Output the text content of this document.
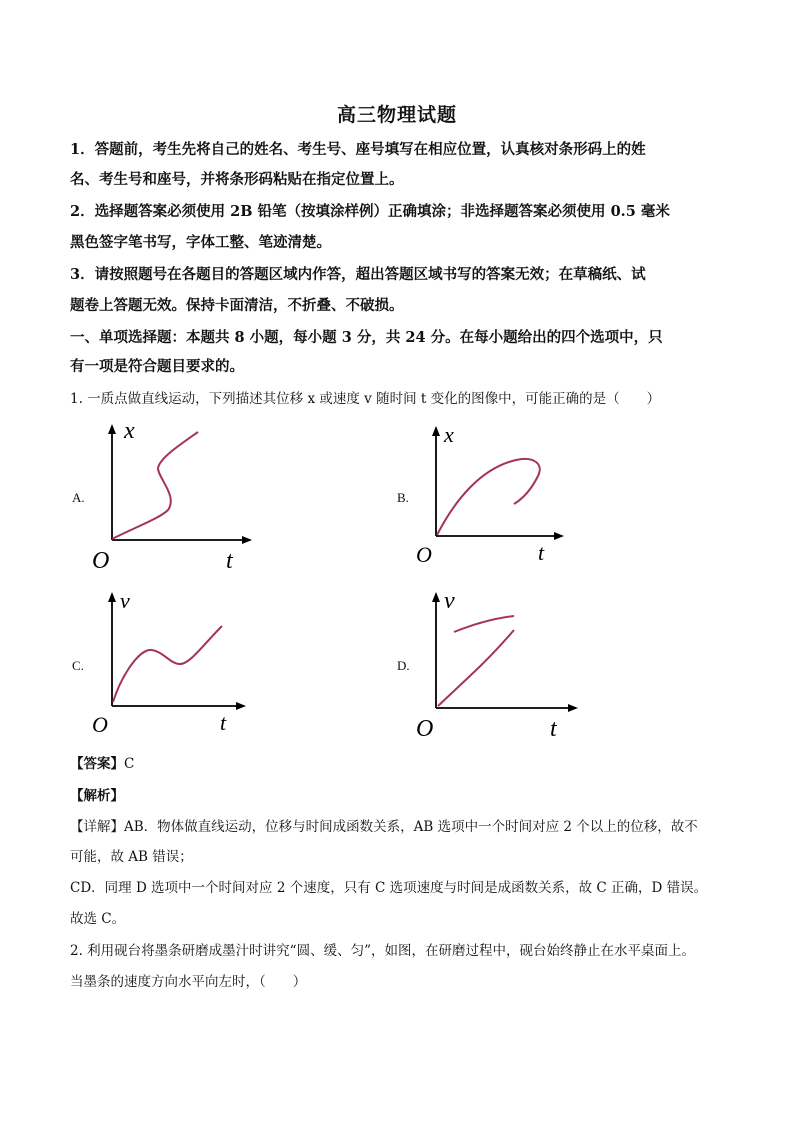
高三物理试题
1．答题前，考生先将自己的姓名、考生号、座号填写在相应位置，认真核对条形码上的姓
名、考生号和座号，并将条形码粘贴在指定位置上。
2．选择题答案必须使用 2B 铅笔（按填涂样例）正确填涂；非选择题答案必须使用 0.5 毫米
黑色签字笔书写，字体工整、笔迹清楚。
3．请按照题号在各题目的答题区域内作答，超出答题区域书写的答案无效；在草稿纸、试
题卷上答题无效。保持卡面清洁，不折叠、不破损。
一、单项选择题：本题共 8 小题，每小题 3 分，共 24 分。在每小题给出的四个选项中，只
有一项是符合题目要求的。
1. 一质点做直线运动，下列描述其位移 x 或速度 v 随时间 t 变化的图像中，可能正确的是（　　）
A.
x
t
O
B.
x
t
O
C.
v
t
O
D.
v
t
O
【答案】C
【解析】
【详解】AB．物体做直线运动，位移与时间成函数关系，AB 选项中一个时间对应 2 个以上的位移，故不
可能，故 AB 错误；
CD．同理 D 选项中一个时间对应 2 个速度，只有 C 选项速度与时间是成函数关系，故 C 正确，D 错误。
故选 C。
2. 利用砚台将墨条研磨成墨汁时讲究“圆、缓、匀”，如图，在研磨过程中，砚台始终静止在水平桌面上。
当墨条的速度方向水平向左时，（　　）
